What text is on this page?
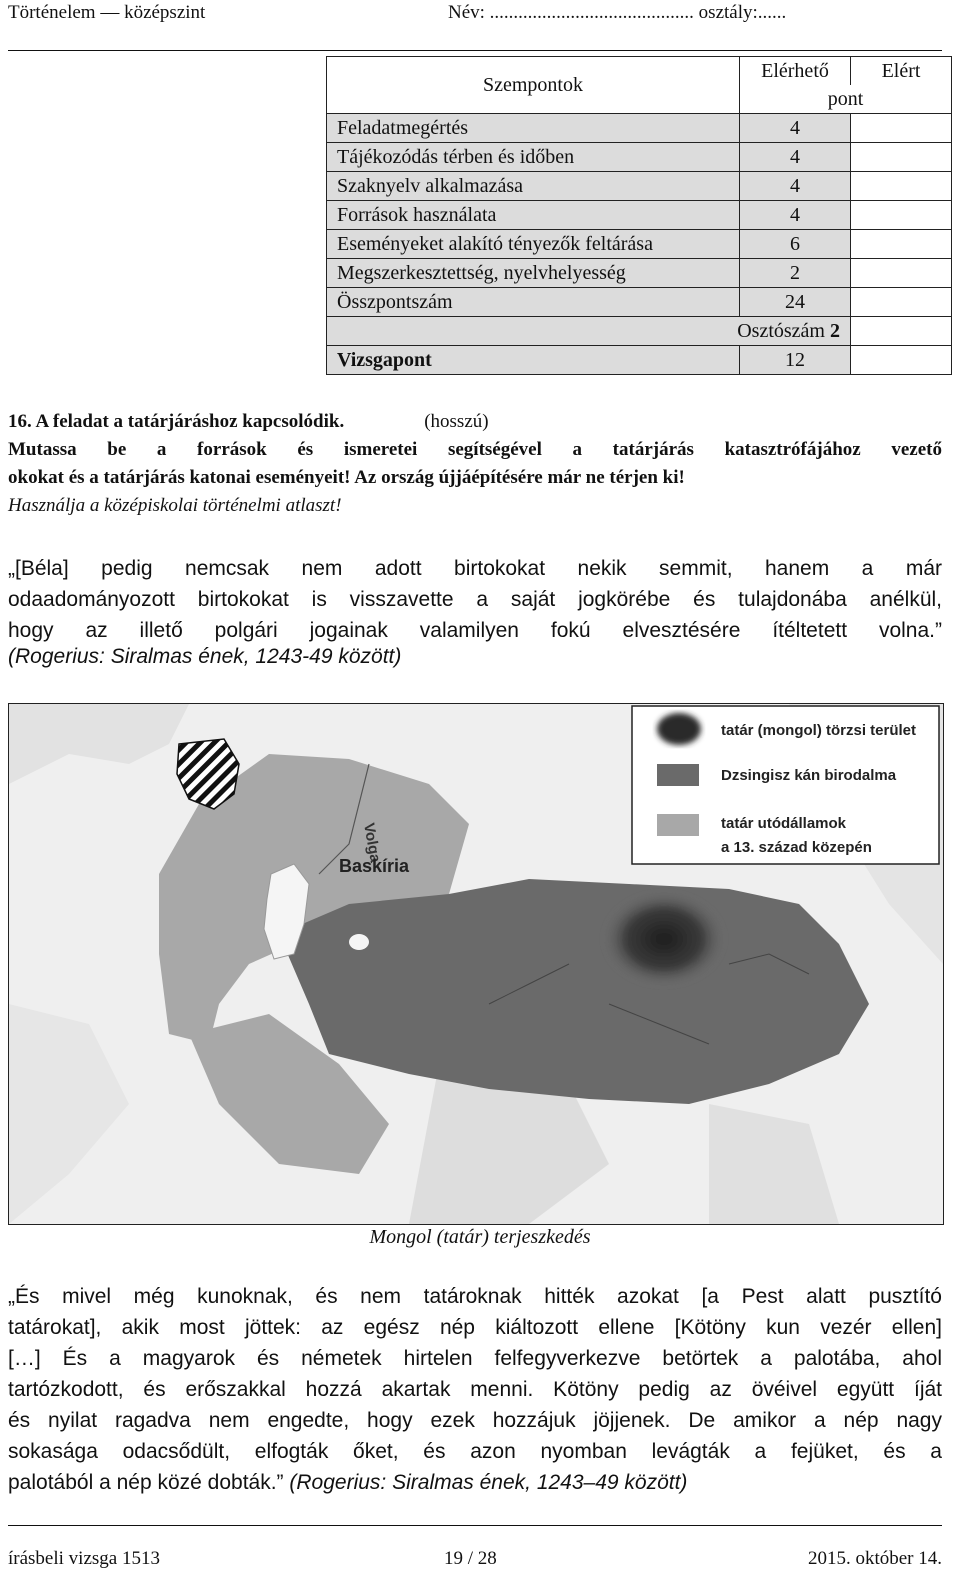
Történelem — középszint	Név: ........................................... osztály:......
Szempontok	Elérhető	Elért
	pont	
Feladatmegértés	4	
Tájékozódás térben és időben	4	
Szaknyelv alkalmazása	4	
Források használata	4	
Eseményeket alakító tényezők feltárása	6	
Megszerkesztettség, nyelvhelyesség	2	
Összpontszám	24	
Osztószám 2		
Vizsgapont	12	

16. A feladat a tatárjáráshoz kapcsolódik.	(hosszú)

Mutassa be a források és ismeretei segítségével a tatárjárás katasztrófájához vezető

okokat és a tatárjárás katonai eseményeit! Az ország újjáépítésére már ne térjen ki!

Használja a középiskolai történelmi atlaszt!

„[Béla] pedig nemcsak nem adott birtokokat nekik semmit, hanem a már
odaadományozott birtokokat is visszavette a saját jogkörébe és tulajdonába anélkül,
hogy az illető polgári jogainak valamilyen fokú elvesztésére ítéltetett volna.”
(Rogerius: Siralmas ének, 1243-49 között)
Volga
Baskíria
tatár (mongol) törzsi terület
Dzsingisz kán birodalma
tatár utódállamok
a 13. század közepén
Mongol (tatár) terjeszkedés

„És mivel még kunoknak, és nem tatároknak hitték azokat [a Pest alatt pusztító

tatárokat], akik most jöttek: az egész nép kiáltozott ellene [Kötöny kun vezér ellen]

[…] És a magyarok és németek hirtelen felfegyverkezve betörtek a palotába, ahol

tartózkodott, és erőszakkal hozzá akartak menni. Kötöny pedig az övéivel együtt íját

és nyilat ragadva nem engedte, hogy ezek hozzájuk jöjjenek. De amikor a nép nagy

sokasága odacsődült, elfogták őket, és azon nyomban levágták a fejüket, és a

palotából a nép közé dobták.” (Rogerius: Siralmas ének, 1243–49 között)

írásbeli vizsga 1513	19 / 28	2015. október 14.
